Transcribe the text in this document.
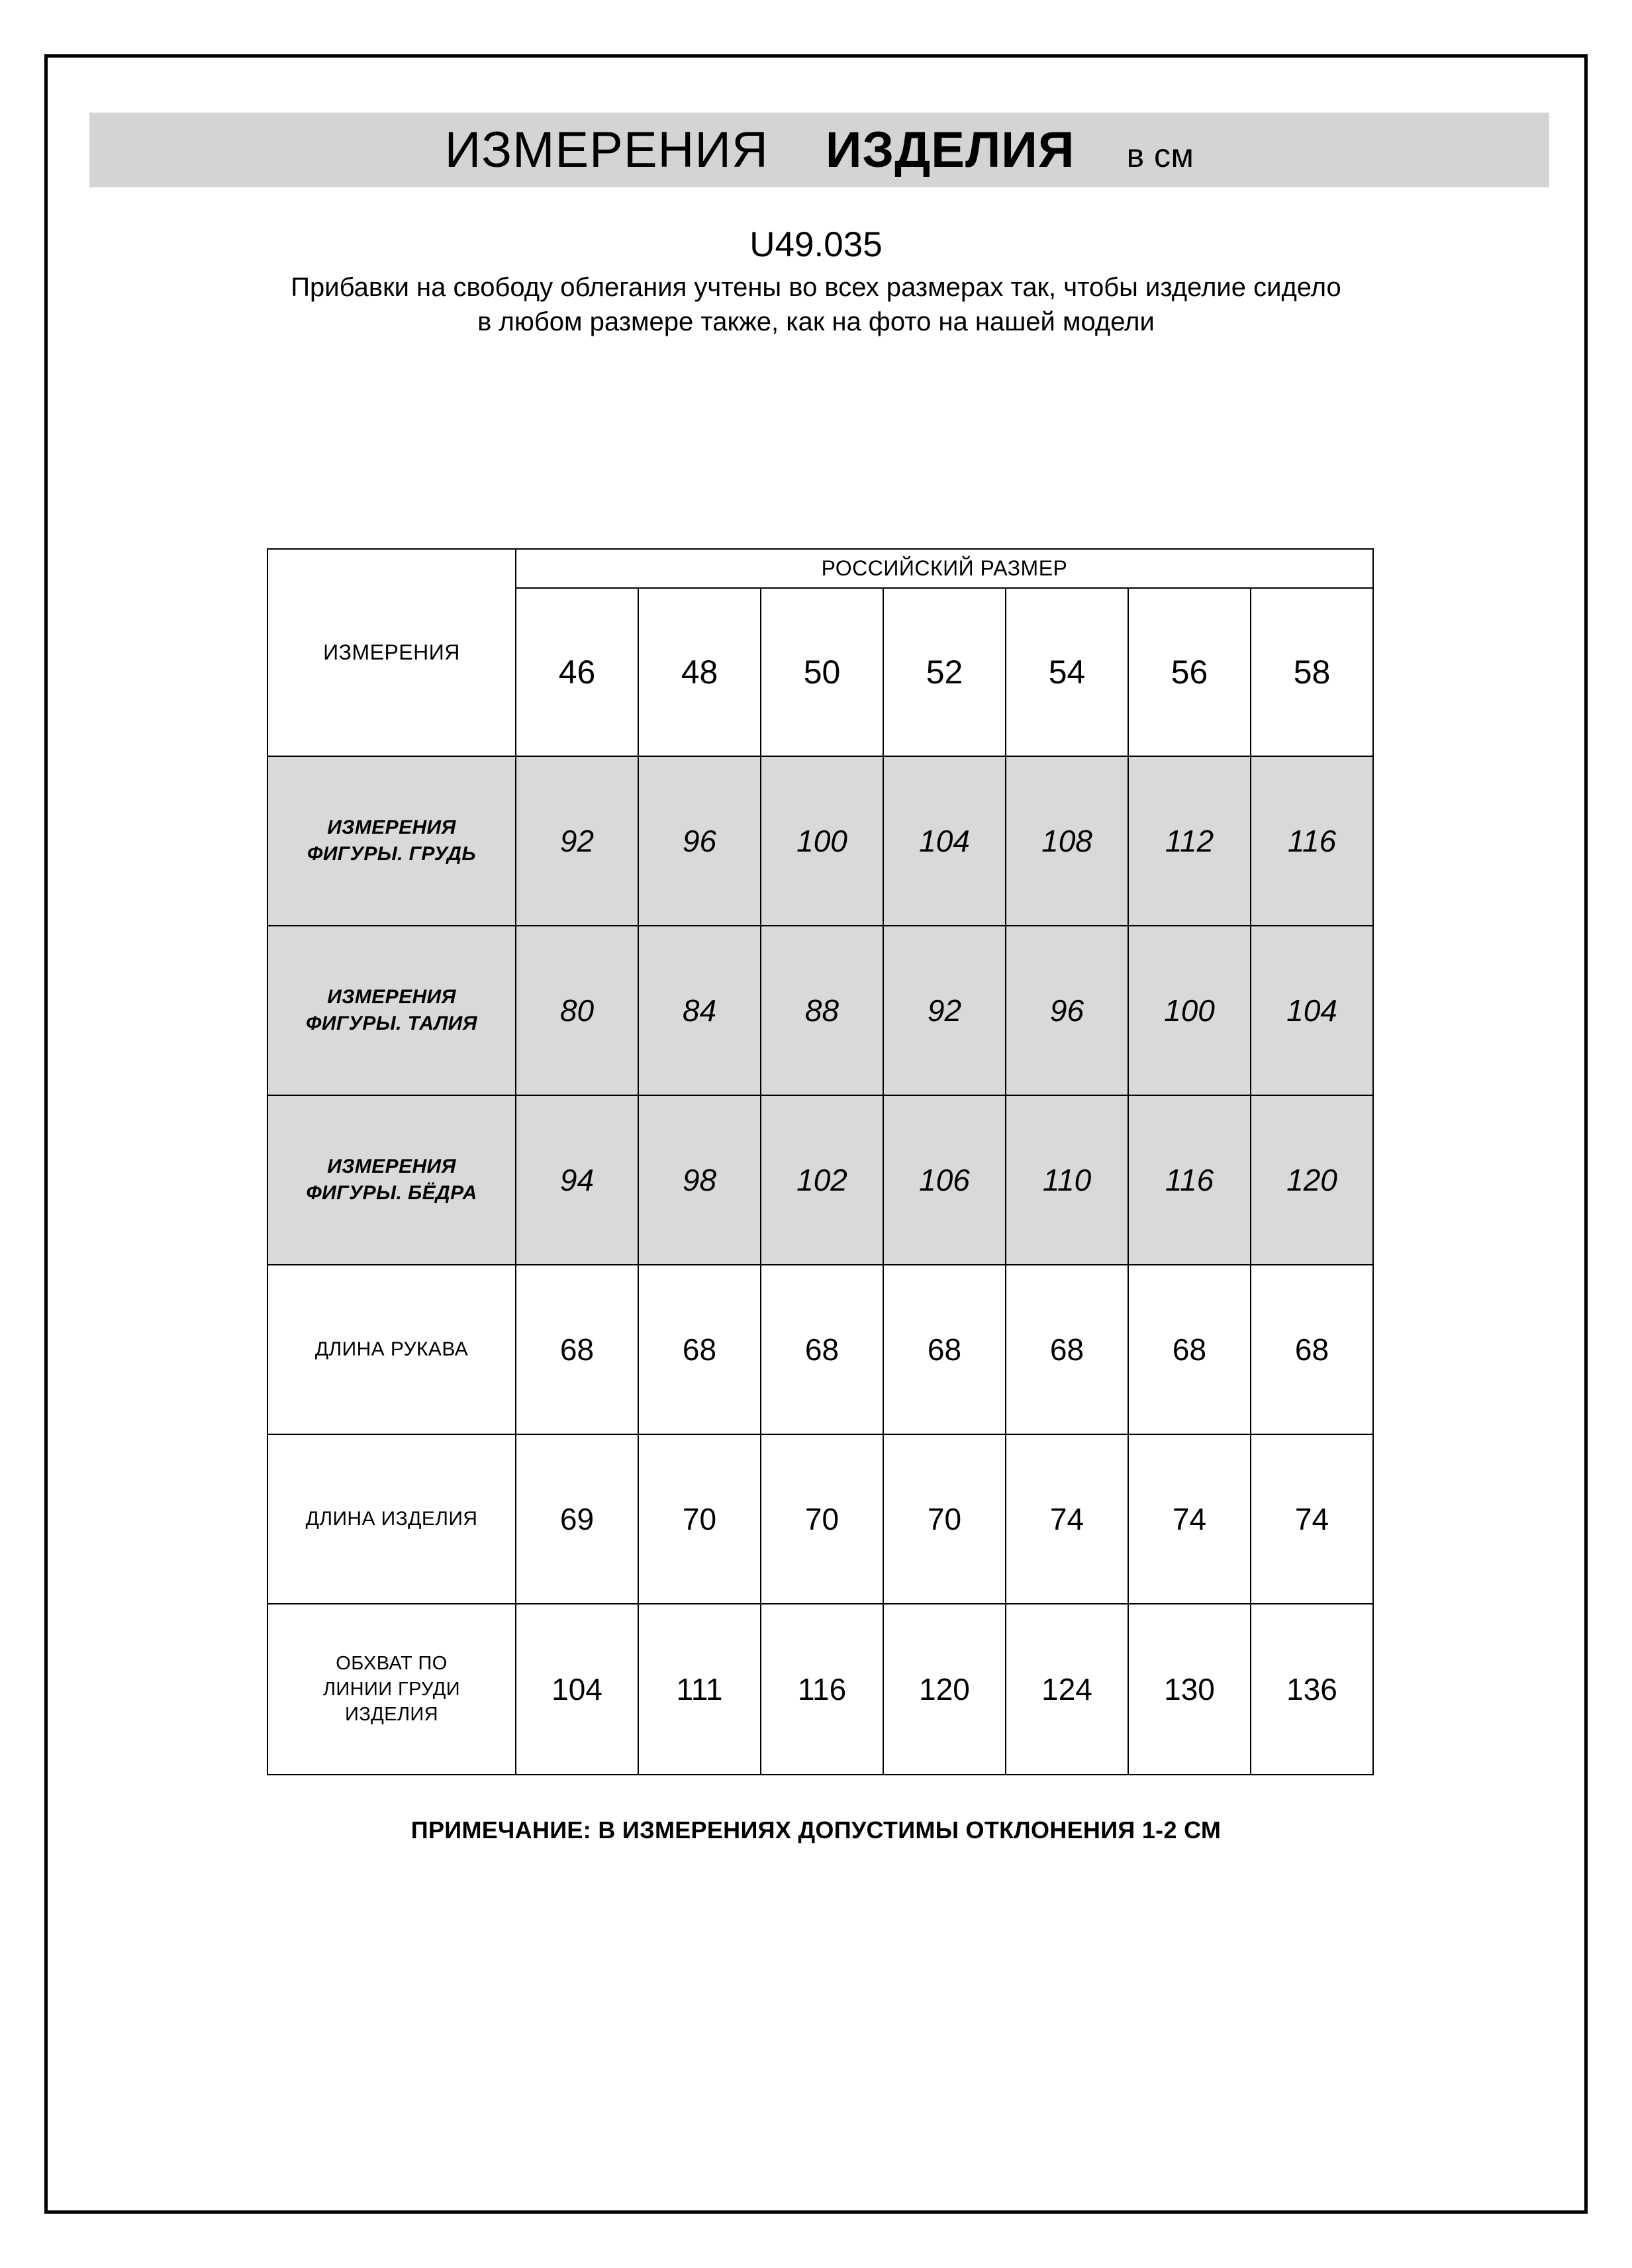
ИЗМЕРЕНИЯ ИЗДЕЛИЯ в см
U49.035
Прибавки на свободу облегания учтены во всех размерах так, чтобы изделие сидело в любом размере также, как на фото на нашей модели
ИЗМЕРЕНИЯ	РОССИЙСКИЙ РАЗМЕР						
	46	48	50	52	54	56	58
ИЗМЕРЕНИЯ
ФИГУРЫ. ГРУДЬ	92	96	100	104	108	112	116
ИЗМЕРЕНИЯ
ФИГУРЫ. ТАЛИЯ	80	84	88	92	96	100	104
ИЗМЕРЕНИЯ
ФИГУРЫ. БЁДРА	94	98	102	106	110	116	120
ДЛИНА РУКАВА	68	68	68	68	68	68	68
ДЛИНА ИЗДЕЛИЯ	69	70	70	70	74	74	74
ОБХВАТ ПО
ЛИНИИ ГРУДИ
ИЗДЕЛИЯ	104	111	116	120	124	130	136
ПРИМЕЧАНИЕ: В ИЗМЕРЕНИЯХ ДОПУСТИМЫ ОТКЛОНЕНИЯ 1-2 СМ
